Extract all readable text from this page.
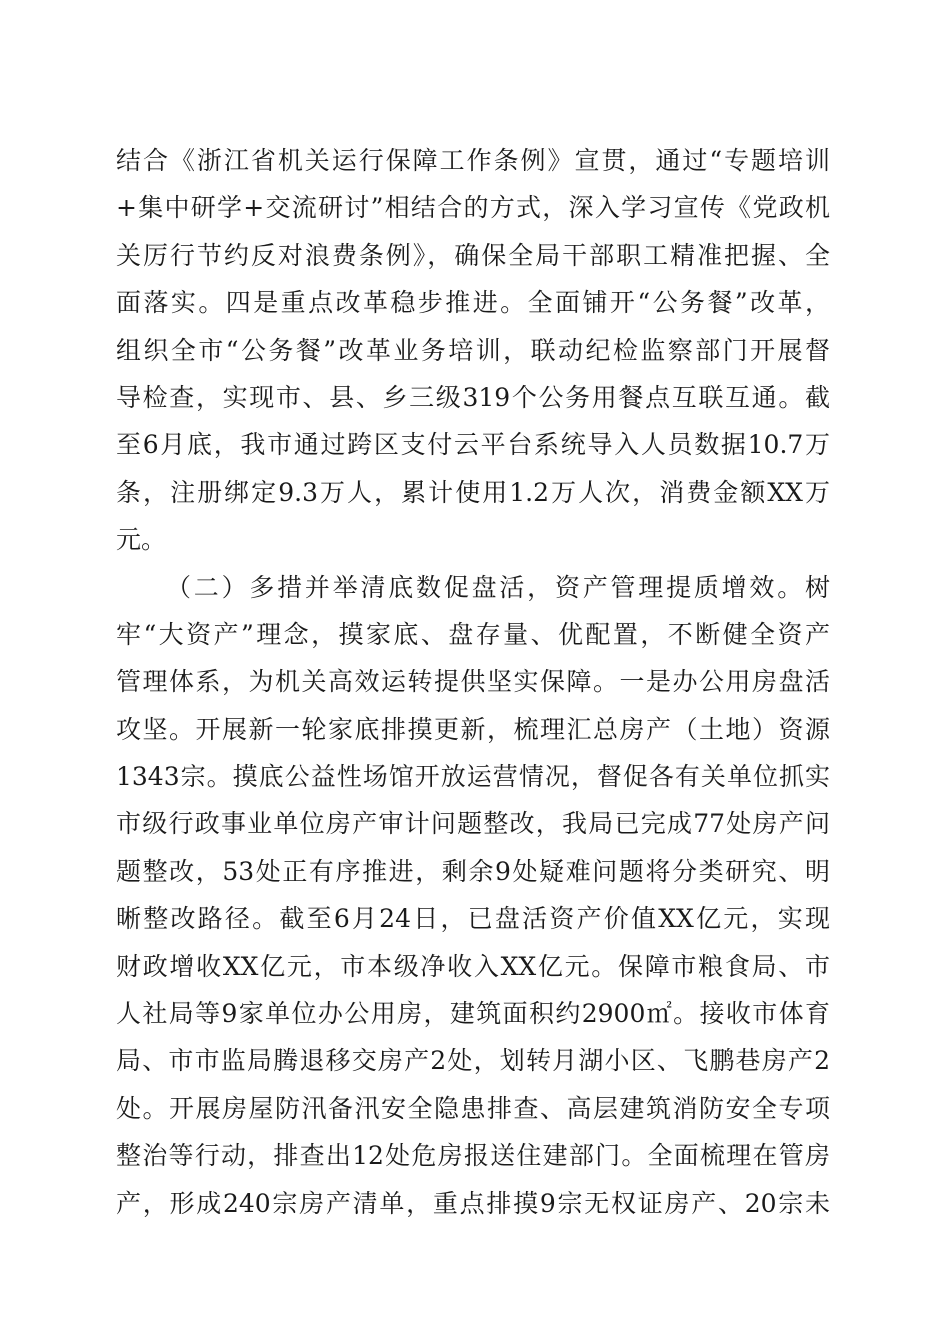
结合《浙江省机关运行保障工作条例》宣贯，通过“专题培训
+集中研学+交流研讨”相结合的方式，深入学习宣传《党政机
关厉行节约反对浪费条例》，确保全局干部职工精准把握、全
面落实。四是重点改革稳步推进。全面铺开“公务餐”改革，
组织全市“公务餐”改革业务培训，联动纪检监察部门开展督
导检查，实现市、县、乡三级319个公务用餐点互联互通。截
至6月底，我市通过跨区支付云平台系统导入人员数据10.7万
条，注册绑定9.3万人，累计使用1.2万人次，消费金额XX万
元。
（二）多措并举清底数促盘活，资产管理提质增效。树
牢“大资产”理念，摸家底、盘存量、优配置，不断健全资产
管理体系，为机关高效运转提供坚实保障。一是办公用房盘活
攻坚。开展新一轮家底排摸更新，梳理汇总房产（土地）资源
1343宗。摸底公益性场馆开放运营情况，督促各有关单位抓实
市级行政事业单位房产审计问题整改，我局已完成77处房产问
题整改，53处正有序推进，剩余9处疑难问题将分类研究、明
晰整改路径。截至6月24日，已盘活资产价值XX亿元，实现
财政增收XX亿元，市本级净收入XX亿元。保障市粮食局、市
人社局等9家单位办公用房，建筑面积约2900㎡。接收市体育
局、市市监局腾退移交房产2处，划转月湖小区、飞鹏巷房产2
处。开展房屋防汛备汛安全隐患排查、高层建筑消防安全专项
整治等行动，排查出12处危房报送住建部门。全面梳理在管房
产，形成240宗房产清单，重点排摸9宗无权证房产、20宗未
